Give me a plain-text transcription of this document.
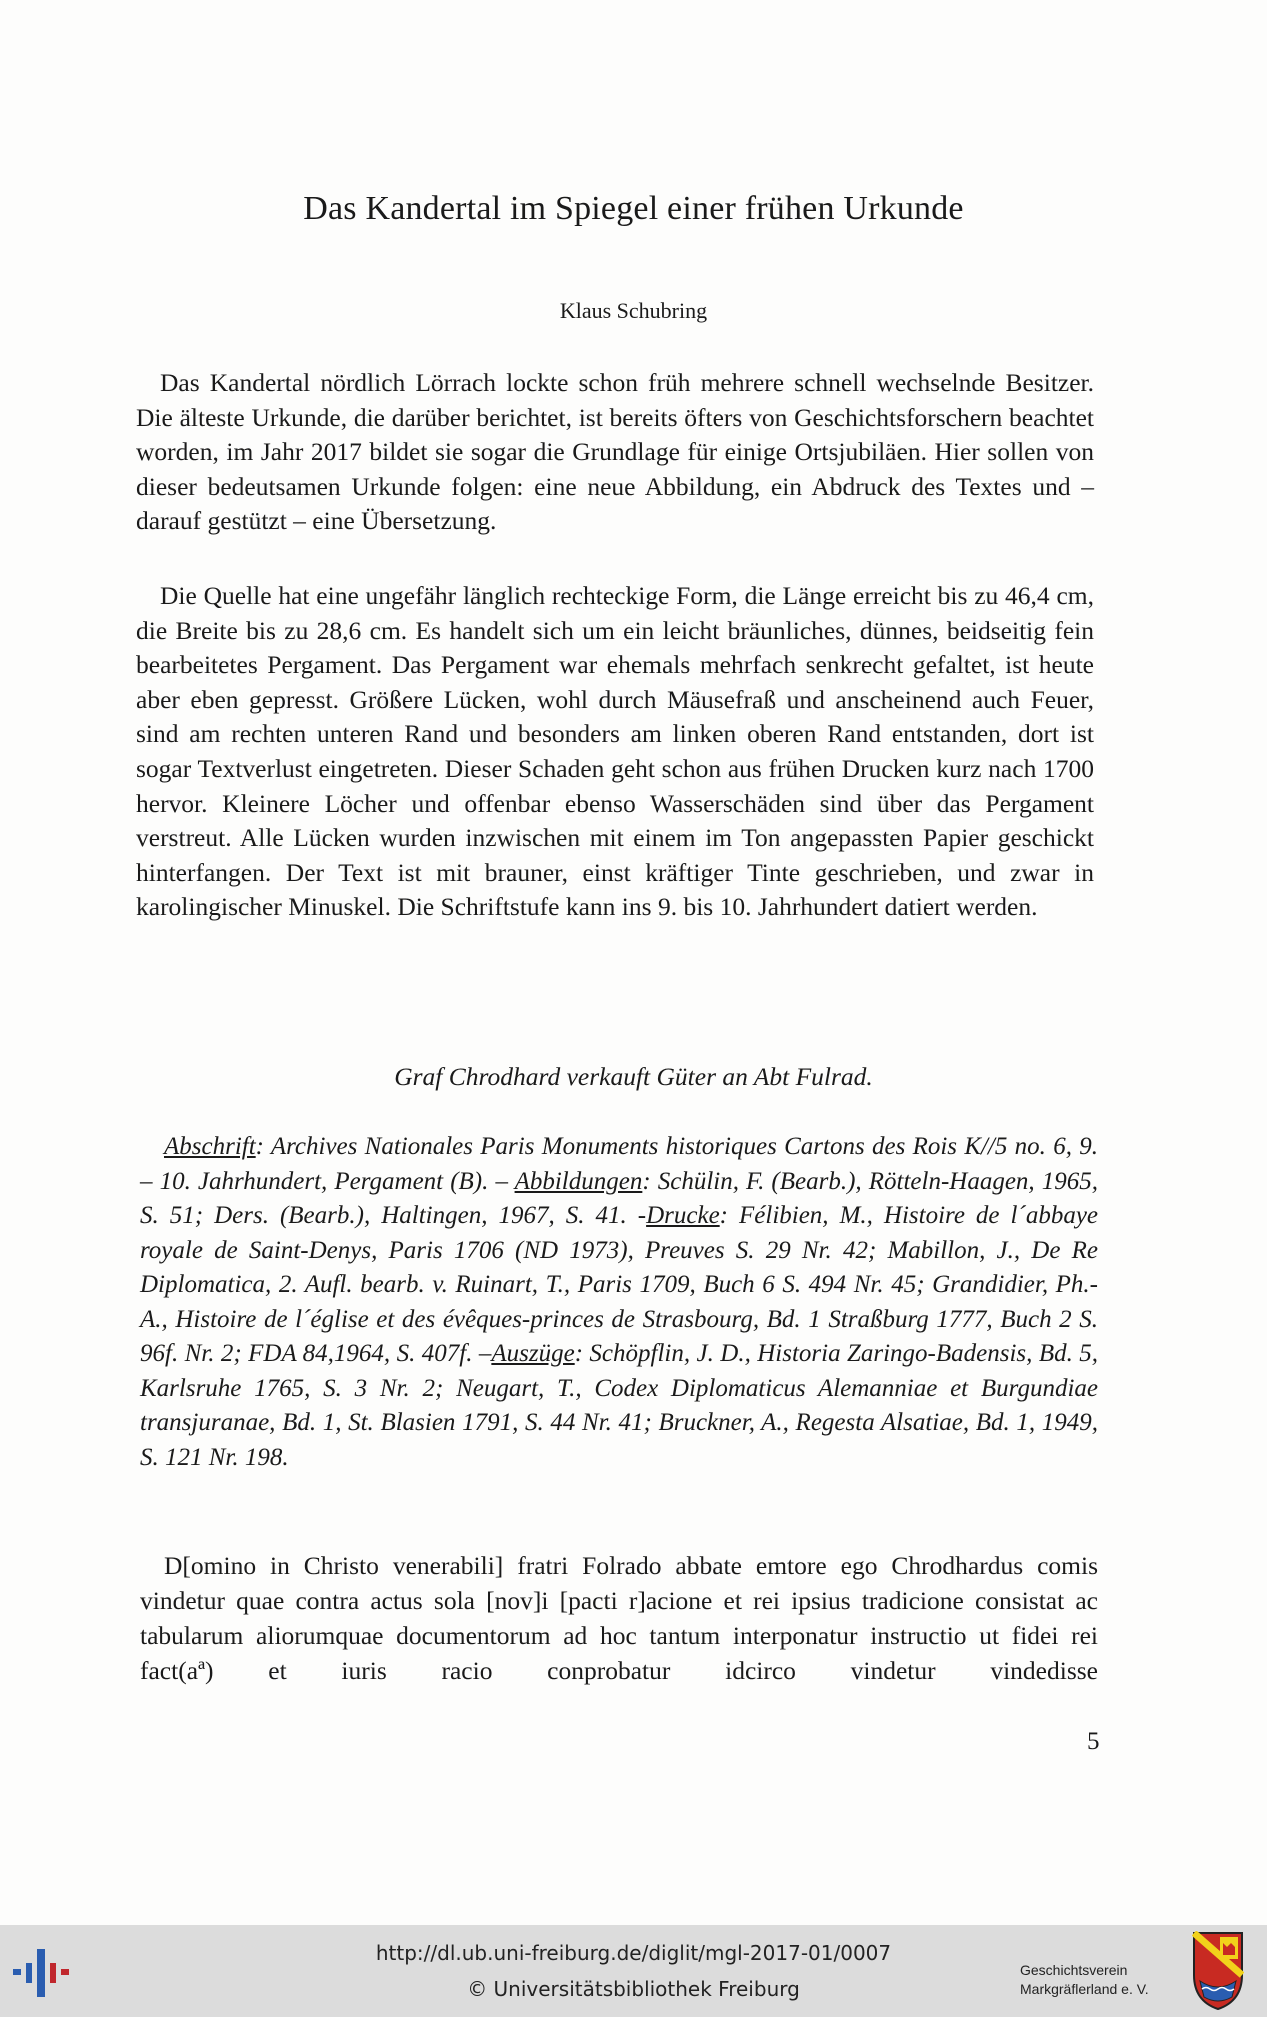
Das Kandertal im Spiegel einer frühen Urkunde
Klaus Schubring
Das Kandertal nördlich Lörrach lockte schon früh mehrere schnell wechselnde Besitzer. Die älteste Urkunde, die darüber berichtet, ist bereits öfters von Geschichtsforschern beachtet worden, im Jahr 2017 bildet sie sogar die Grundlage für einige Ortsjubiläen. Hier sollen von dieser bedeutsamen Urkunde folgen: eine neue Abbildung, ein Abdruck des Textes und – darauf gestützt – eine Übersetzung.
Die Quelle hat eine ungefähr länglich rechteckige Form, die Länge erreicht bis zu 46,4 cm, die Breite bis zu 28,6 cm. Es handelt sich um ein leicht bräunliches, dünnes, beidseitig fein bearbeitetes Pergament. Das Pergament war ehemals mehrfach senkrecht gefaltet, ist heute aber eben gepresst. Größere Lücken, wohl durch Mäusefraß und anscheinend auch Feuer, sind am rechten unteren Rand und besonders am linken oberen Rand entstanden, dort ist sogar Textverlust eingetreten. Dieser Schaden geht schon aus frühen Drucken kurz nach 1700 hervor. Kleinere Löcher und offenbar ebenso Wasserschäden sind über das Pergament verstreut. Alle Lücken wurden inzwischen mit einem im Ton angepassten Papier geschickt hinterfangen. Der Text ist mit brauner, einst kräftiger Tinte geschrieben, und zwar in karolingischer Minuskel. Die Schriftstufe kann ins 9. bis 10. Jahrhundert datiert werden.
Graf Chrodhard verkauft Güter an Abt Fulrad.
Abschrift: Archives Nationales Paris Monuments historiques Cartons des Rois K//5 no. 6, 9. – 10. Jahrhundert, Pergament (B). – Abbildungen: Schülin, F. (Bearb.), Rötteln-Haagen, 1965, S. 51; Ders. (Bearb.), Haltingen, 1967, S. 41. -Drucke: Félibien, M., Histoire de l´abbaye royale de Saint-Denys, Paris 1706 (ND 1973), Preuves S. 29 Nr. 42; Mabillon, J., De Re Diplomatica, 2. Aufl. bearb. v. Ruinart, T., Paris 1709, Buch 6 S. 494 Nr. 45; Grandidier, Ph.-A., Histoire de l´église et des évêques-princes de Strasbourg, Bd. 1 Straßburg 1777, Buch 2 S. 96f. Nr. 2; FDA 84,1964, S. 407f. –Auszüge: Schöpflin, J. D., Historia Zaringo-Badensis, Bd. 5, Karlsruhe 1765, S. 3 Nr. 2; Neugart, T., Codex Diplomaticus Alemanniae et Burgundiae transjuranae, Bd. 1, St. Blasien 1791, S. 44 Nr. 41; Bruckner, A., Regesta Alsatiae, Bd. 1, 1949, S. 121 Nr. 198.
D[omino in Christo venerabili] fratri Folrado abbate emtore ego Chrodhardus comis vindetur quae contra actus sola [nov]i [pacti r]acione et rei ipsius tradicione consistat ac tabularum aliorumquae documentorum ad hoc tantum interponatur instructio ut fidei rei fact(aª) et iuris racio conprobatur idcirco vindetur vindedisse
5
http://dl.ub.uni-freiburg.de/diglit/mgl-2017-01/0007
© Universitätsbibliothek Freiburg
Geschichtsverein
Markgräflerland e. V.
